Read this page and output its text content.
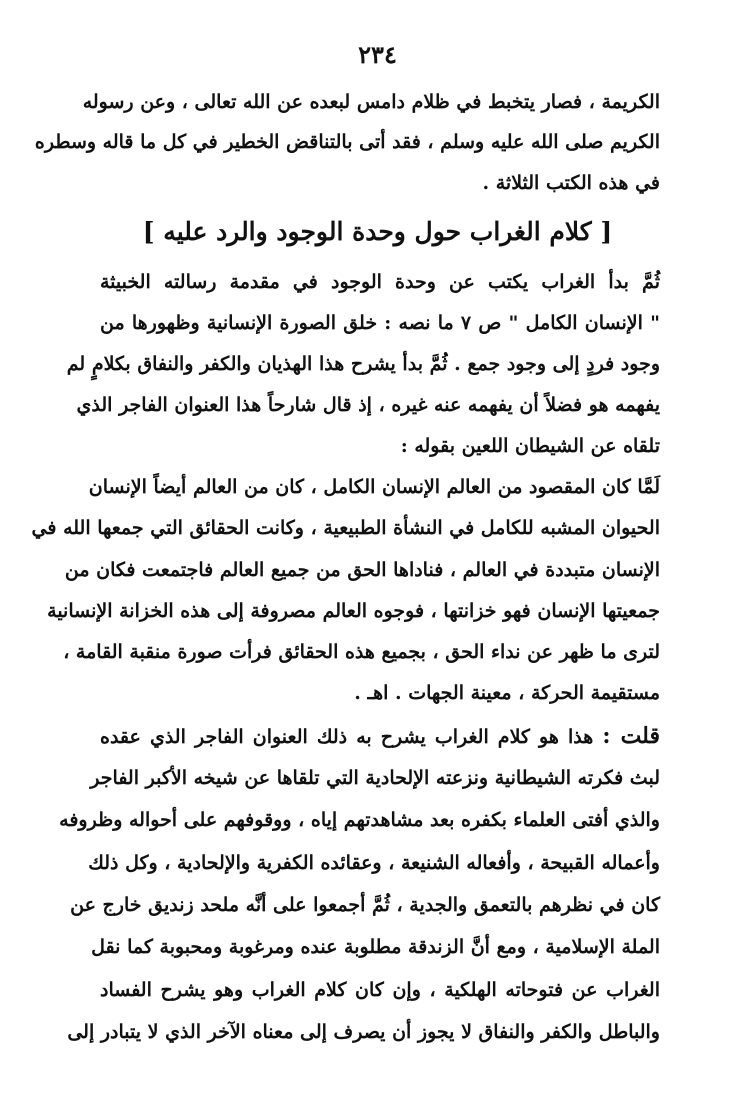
٢٣٤
الكريمة ، فصار يتخبط في ظلام دامس لبعده عن الله تعالى ، وعن رسوله
الكريم صلى الله عليه وسلم ، فقد أتى بالتناقض الخطير في كل ما قاله وسطره
في هذه الكتب الثلاثة .
[ كلام الغراب حول وحدة الوجود والرد عليه ]
ثُمَّ بدأ الغراب يكتب عن وحدة الوجود في مقدمة رسالته الخبيثة
" الإنسان الكامل " ص ٧ ما نصه : خلق الصورة الإنسانية وظهورها من
وجود فردٍ إلى وجود جمع . ثُمَّ بدأ يشرح هذا الهذيان والكفر والنفاق بكلامٍ لم
يفهمه هو فضلاً أن يفهمه عنه غيره ، إذ قال شارحاً هذا العنوان الفاجر الذي
تلقاه عن الشيطان اللعين بقوله :
لَمَّا كان المقصود من العالم الإنسان الكامل ، كان من العالم أيضاً الإنسان
الحيوان المشبه للكامل في النشأة الطبيعية ، وكانت الحقائق التي جمعها الله في
الإنسان متبددة في العالم ، فناداها الحق من جميع العالم فاجتمعت فكان من
جمعيتها الإنسان فهو خزانتها ، فوجوه العالم مصروفة إلى هذه الخزانة الإنسانية
لترى ما ظهر عن نداء الحق ، بجميع هذه الحقائق فرأت صورة منقبة القامة ،
مستقيمة الحركة ، معينة الجهات . اهـ .
قلت : هذا هو كلام الغراب يشرح به ذلك العنوان الفاجر الذي عقده
لبث فكرته الشيطانية ونزعته الإلحادية التي تلقاها عن شيخه الأكبر الفاجر
والذي أفتى العلماء بكفره بعد مشاهدتهم إياه ، ووقوفهم على أحواله وظروفه
وأعماله القبيحة ، وأفعاله الشنيعة ، وعقائده الكفرية والإلحادية ، وكل ذلك
كان في نظرهم بالتعمق والجدية ، ثُمَّ أجمعوا على أنَّه ملحد زنديق خارج عن
الملة الإسلامية ، ومع أنَّ الزندقة مطلوبة عنده ومرغوبة ومحبوبة كما نقل
الغراب عن فتوحاته الهلكية ، وإن كان كلام الغراب وهو يشرح الفساد
والباطل والكفر والنفاق لا يجوز أن يصرف إلى معناه الآخر الذي لا يتبادر إلى
